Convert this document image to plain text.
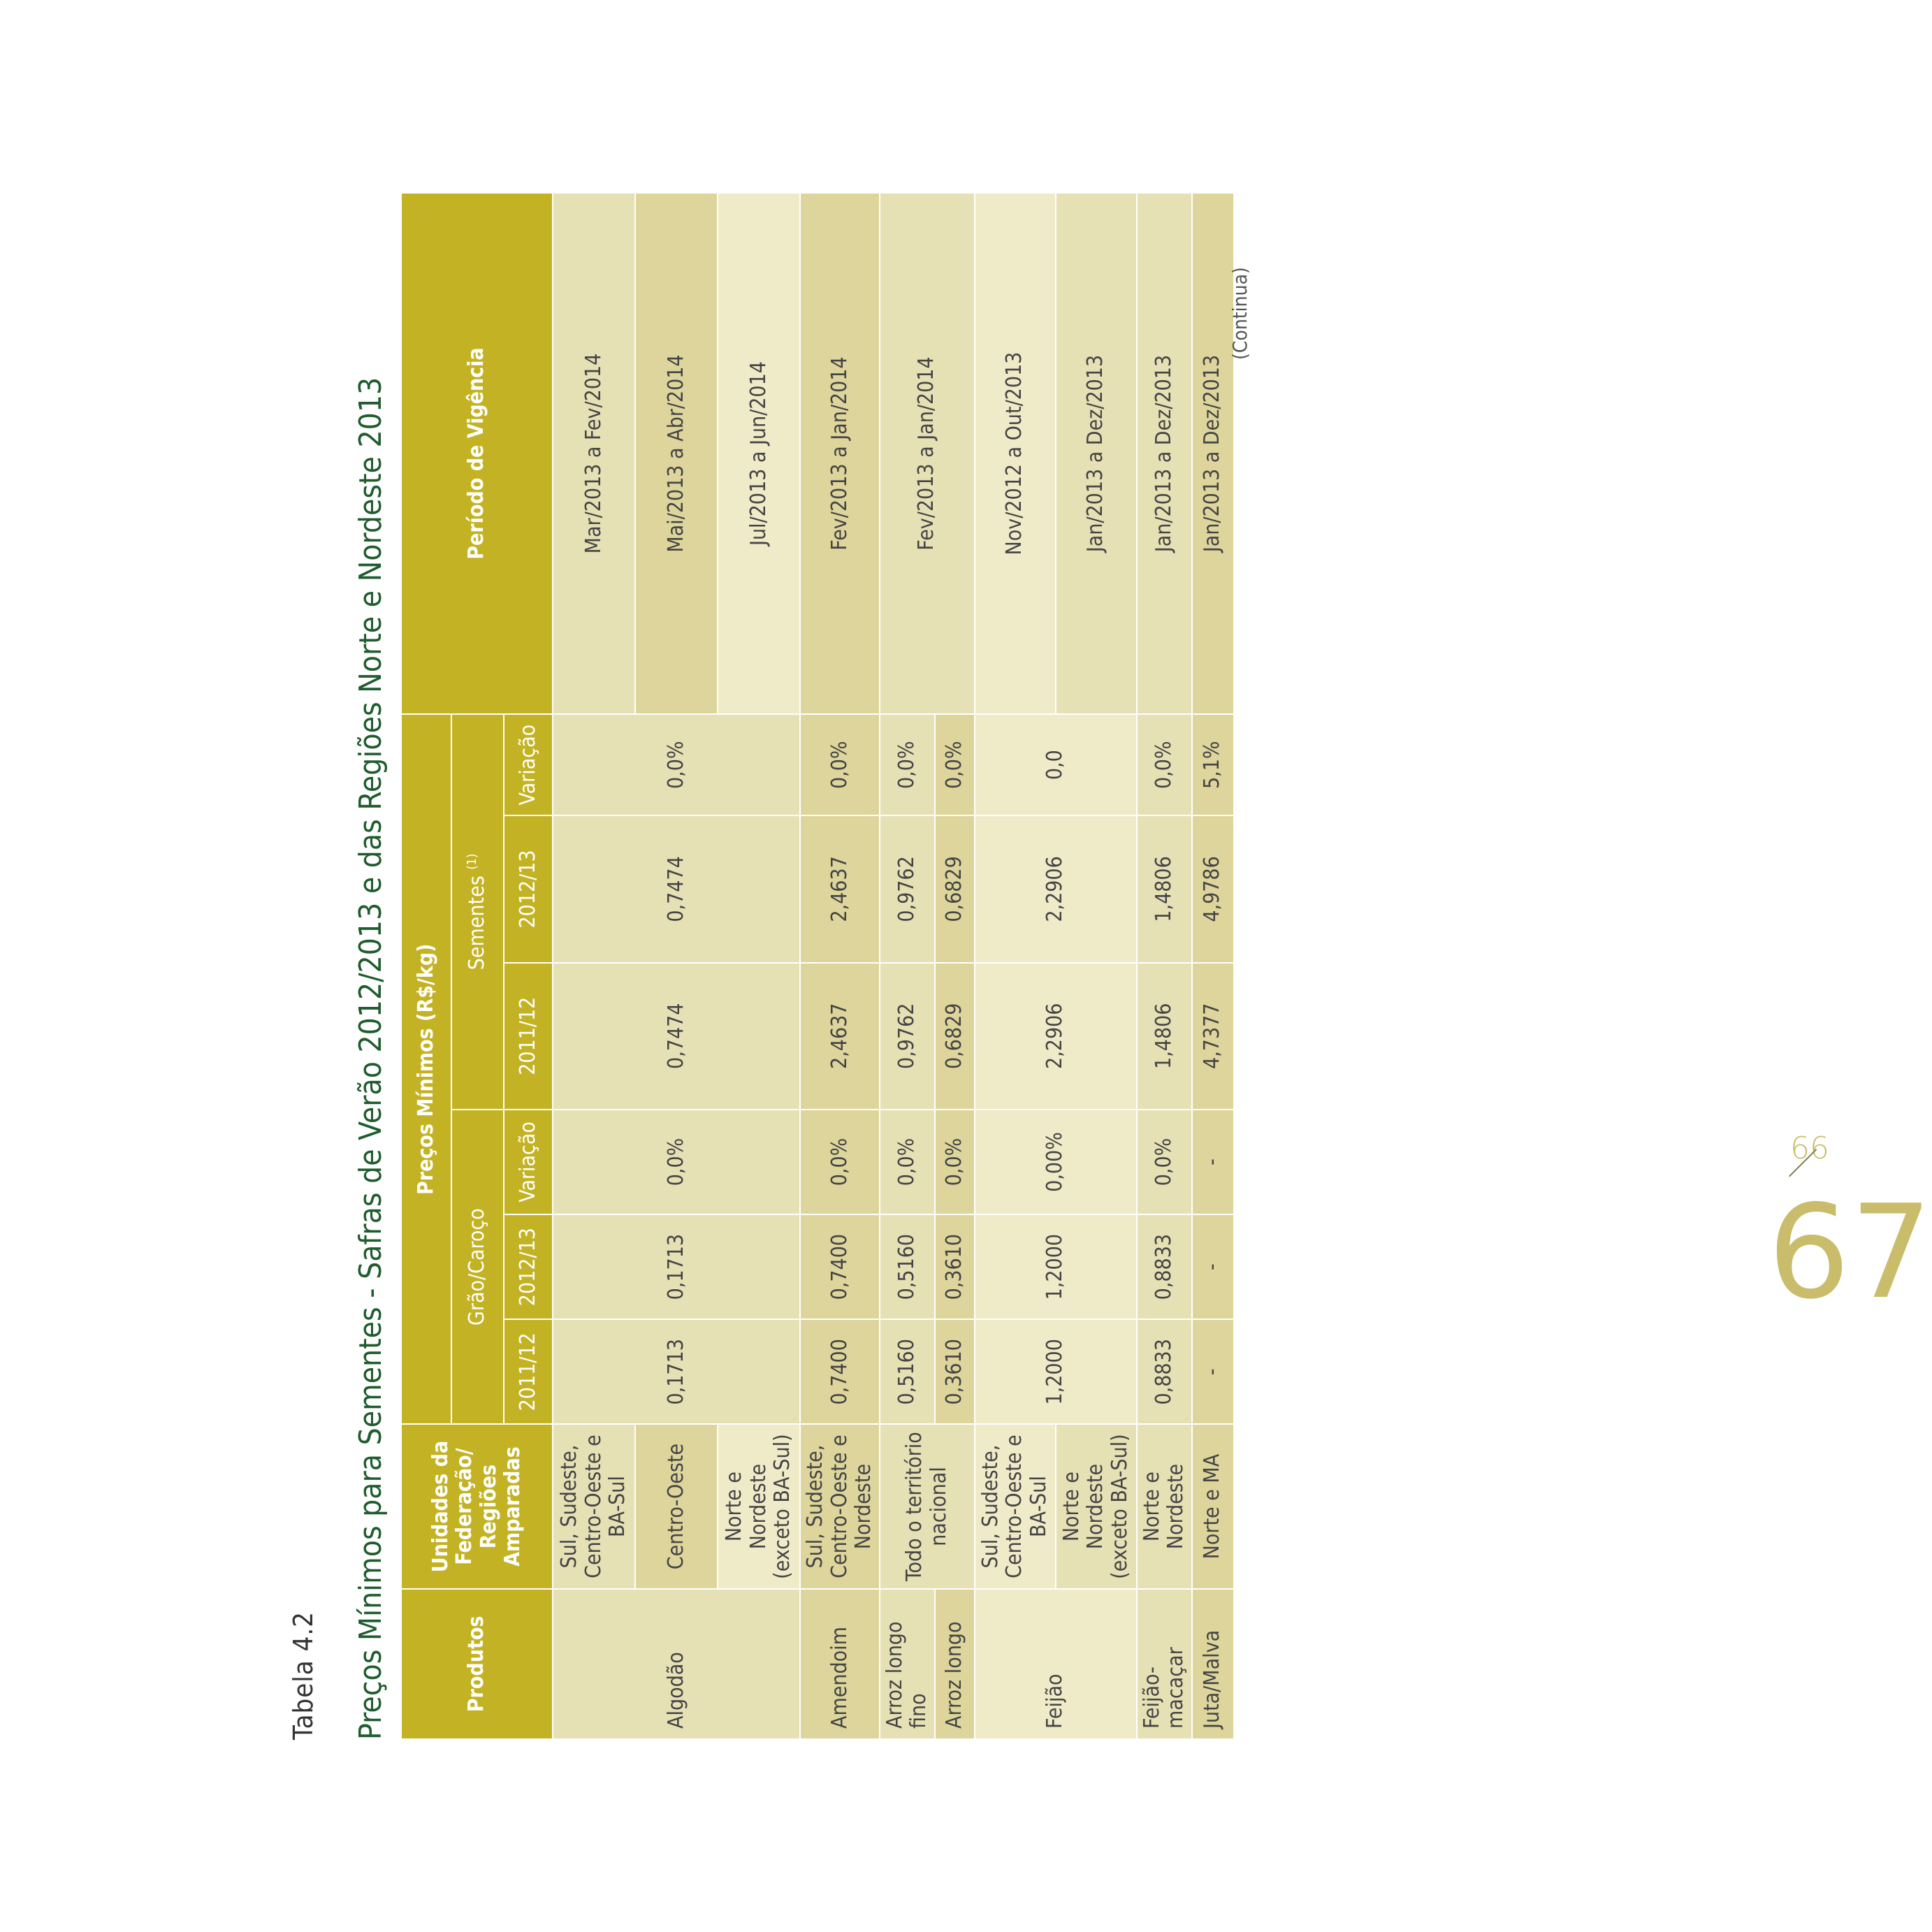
Tabela 4.2 Preços Mínimos para Sementes - Safras de Verão 2012/2013 e das Regiões Norte e Nordeste 2013	Produtos	Unidades da Federação/ Regiões Amparadas	Preços Mínimos (R$/kg)						Período de Vigência
		Grão/Caroço			Sementes $^{(1)}$
		2011/12	2012/13	Variação	2011/12	2012/13	Variação	
Algodão	Sul, Sudeste, Centro-Oeste e BA-Sul	0,1713	0,1713	0,0%	0,7474	0,7474	0,0%	Mar/2013 a Fev/2014
	Centro-Oeste							Mai/2013 a Abr/2014
	Norte e Nordeste (exceto BA-Sul)							Jul/2013 a Jun/2014
Amendoim	Sul, Sudeste, Centro-Oeste e Nordeste	0,7400	0,7400	0,0%	2,4637	2,4637	0,0%	Fev/2013 a Jan/2014
Arroz longo fino	Todo o território nacional	0,5160	0,5160	0,0%	0,9762	0,9762	0,0%	Fev/2013 a Jan/2014
Arroz longo		0,3610	0,3610	0,0%	0,6829	0,6829	0,0%	
Feijão	Sul, Sudeste, Centro-Oeste e BA-Sul	1,2000	1,2000	0,00%	2,2906	2,2906	0,0	Nov/2012 a Out/2013
	Norte e Nordeste (exceto BA-Sul)							Jan/2013 a Dez/2013
Feijão-macaçar	Norte e Nordeste	0,8833	0,8833	0,0%	1,4806	1,4806	0,0%	Jan/2013 a Dez/2013
Juta/Malva	Norte e MA	-	-	-	4,7377	4,9786	5,1%	Jan/2013 a Dez/2013
(Continua)
66
67
